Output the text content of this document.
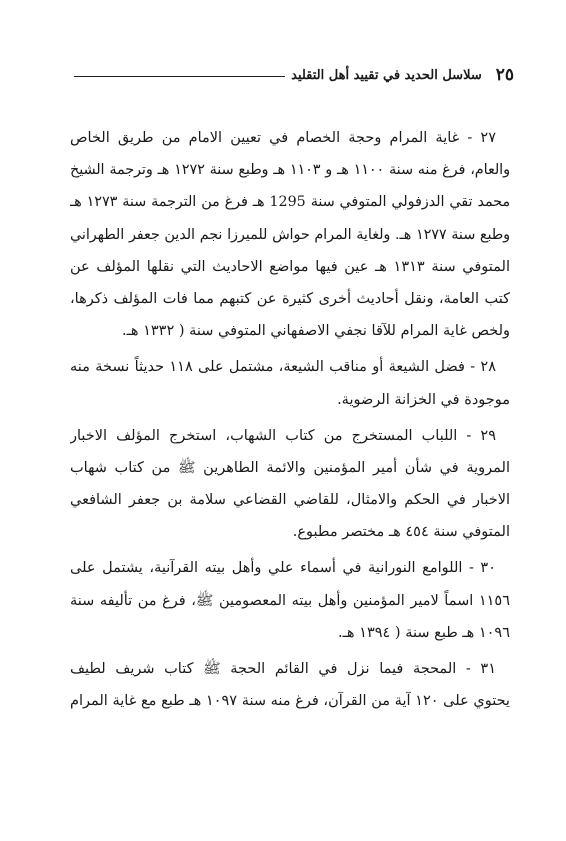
٢٥
سلاسل الحديد في تقييد أهل التقليد
٢٧ - غاية المرام وحجة الخصام في تعيين الامام من طريق الخاص
والعام، فرغ منه سنة ١١٠٠ هـ و ١١٠٣ هـ وطبع سنة ١٢٧٢ هـ وترجمة الشيخ
محمد تقي الدزفولي المتوفي سنة 1295 هـ فرغ من الترجمة سنة ١٢٧٣ هـ
وطبع سنة ١٢٧٧ هـ. ولغاية المرام حواش للميرزا نجم الدين جعفر الطهراني
المتوفي سنة ١٣١٣ هـ عين فيها مواضع الاحاديث التي نقلها المؤلف عن
كتب العامة، ونقل أحاديث أخرى كثيرة عن كتبهم مما فات المؤلف ذكرها،
ولخص غاية المرام للآقا نجفي الاصفهاني المتوفي سنة ( ١٣٣٢ هـ.
٢٨ - فضل الشيعة أو مناقب الشيعة، مشتمل على ١١٨ حديثاً نسخة منه
موجودة في الخزانة الرضوية.
٢٩ - اللباب المستخرج من كتاب الشهاب، استخرج المؤلف الاخبار
المروية في شأن أمير المؤمنين والائمة الطاهرين ﷺ من كتاب شهاب
الاخبار في الحكم والامثال، للقاضي القضاعي سلامة بن جعفر الشافعي
المتوفي سنة ٤٥٤ هـ مختصر مطبوع.
٣٠ - اللوامع النورانية في أسماء علي وأهل بيته القرآنية، يشتمل على
١١٥٦ اسماً لامير المؤمنين وأهل بيته المعصومين ﷺ، فرغ من تأليفه سنة
١٠٩٦ هـ طبع سنة ( ١٣٩٤ هـ.
٣١ - المحجة فيما نزل في القائم الحجة ﷺ كتاب شريف لطيف
يحتوي على ١٢٠ آية من القرآن، فرغ منه سنة ١٠٩٧ هـ طبع مع غاية المرام
